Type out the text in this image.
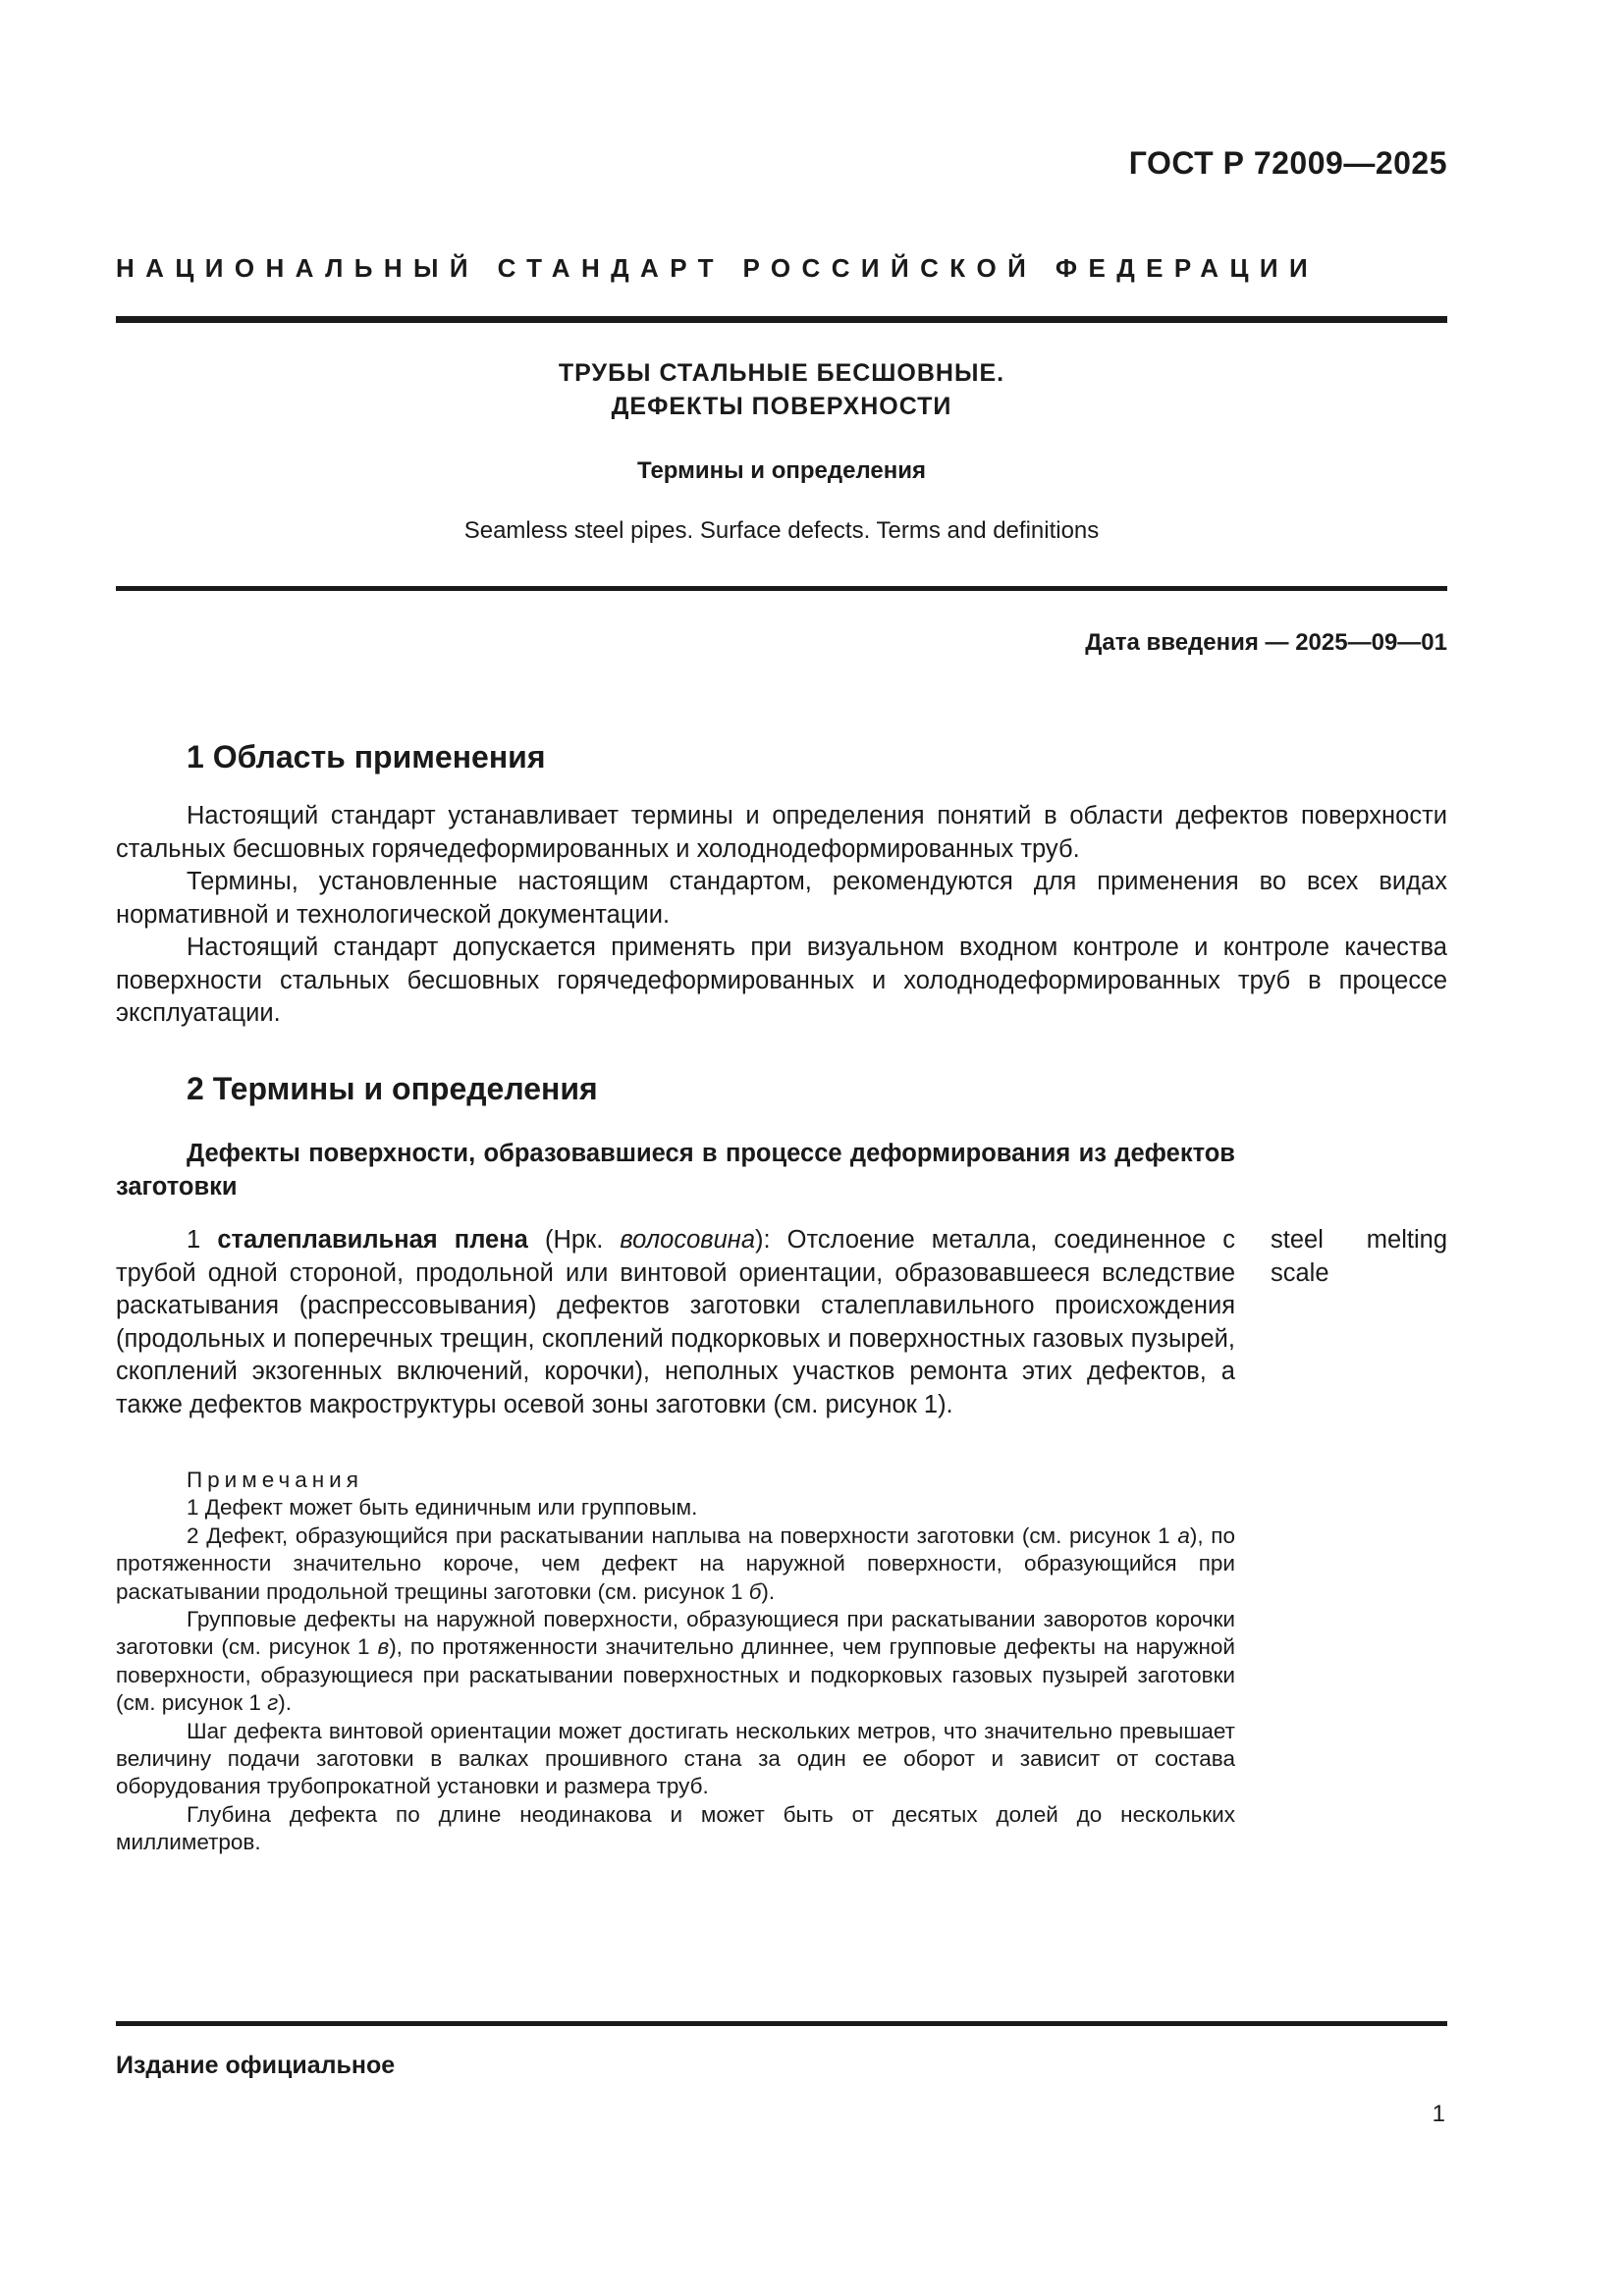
ГОСТ Р 72009—2025
НАЦИОНАЛЬНЫЙ СТАНДАРТ РОССИЙСКОЙ ФЕДЕРАЦИИ
ТРУБЫ СТАЛЬНЫЕ БЕСШОВНЫЕ.
ДЕФЕКТЫ ПОВЕРХНОСТИ
Термины и определения
Seamless steel pipes. Surface defects. Terms and definitions
Дата введения — 2025—09—01
1 Область применения

Настоящий стандарт устанавливает термины и определения понятий в области дефектов поверхности стальных бесшовных горячедеформированных и холоднодеформированных труб.

Термины, установленные настоящим стандартом, рекомендуются для применения во всех видах нормативной и технологической документации.

Настоящий стандарт допускается применять при визуальном входном контроле и контроле качества поверхности стальных бесшовных горячедеформированных и холоднодеформированных труб в процессе эксплуатации.

2 Термины и определения
Дефекты поверхности, образовавшиеся в процессе деформирования из дефектов заготовки

1 сталеплавильная плена (Нрк. волосовина): Отслоение металла, соединенное с трубой одной стороной, продольной или винтовой ориентации, образовавшееся вследствие раскатывания (распрессовывания) дефектов заготовки сталеплавильного происхождения (продольных и поперечных трещин, скоплений подкорковых и поверхностных газовых пузырей, скоплений экзогенных включений, корочки), неполных участков ремонта этих дефектов, а также дефектов макроструктуры осевой зоны заготовки (см. рисунок 1).

steel melting scale

Примечания

1 Дефект может быть единичным или групповым.

2 Дефект, образующийся при раскатывании наплыва на поверхности заготовки (см. рисунок 1 а), по протяженности значительно короче, чем дефект на наружной поверхности, образующийся при раскатывании продольной трещины заготовки (см. рисунок 1 б).

Групповые дефекты на наружной поверхности, образующиеся при раскатывании заворотов корочки заготовки (см. рисунок 1 в), по протяженности значительно длиннее, чем групповые дефекты на наружной поверхности, образующиеся при раскатывании поверхностных и подкорковых газовых пузырей заготовки (см. рисунок 1 г).

Шаг дефекта винтовой ориентации может достигать нескольких метров, что значительно превышает величину подачи заготовки в валках прошивного стана за один ее оборот и зависит от состава оборудования трубопрокатной установки и размера труб.

Глубина дефекта по длине неодинакова и может быть от десятых долей до нескольких миллиметров.

Издание официальное
1
